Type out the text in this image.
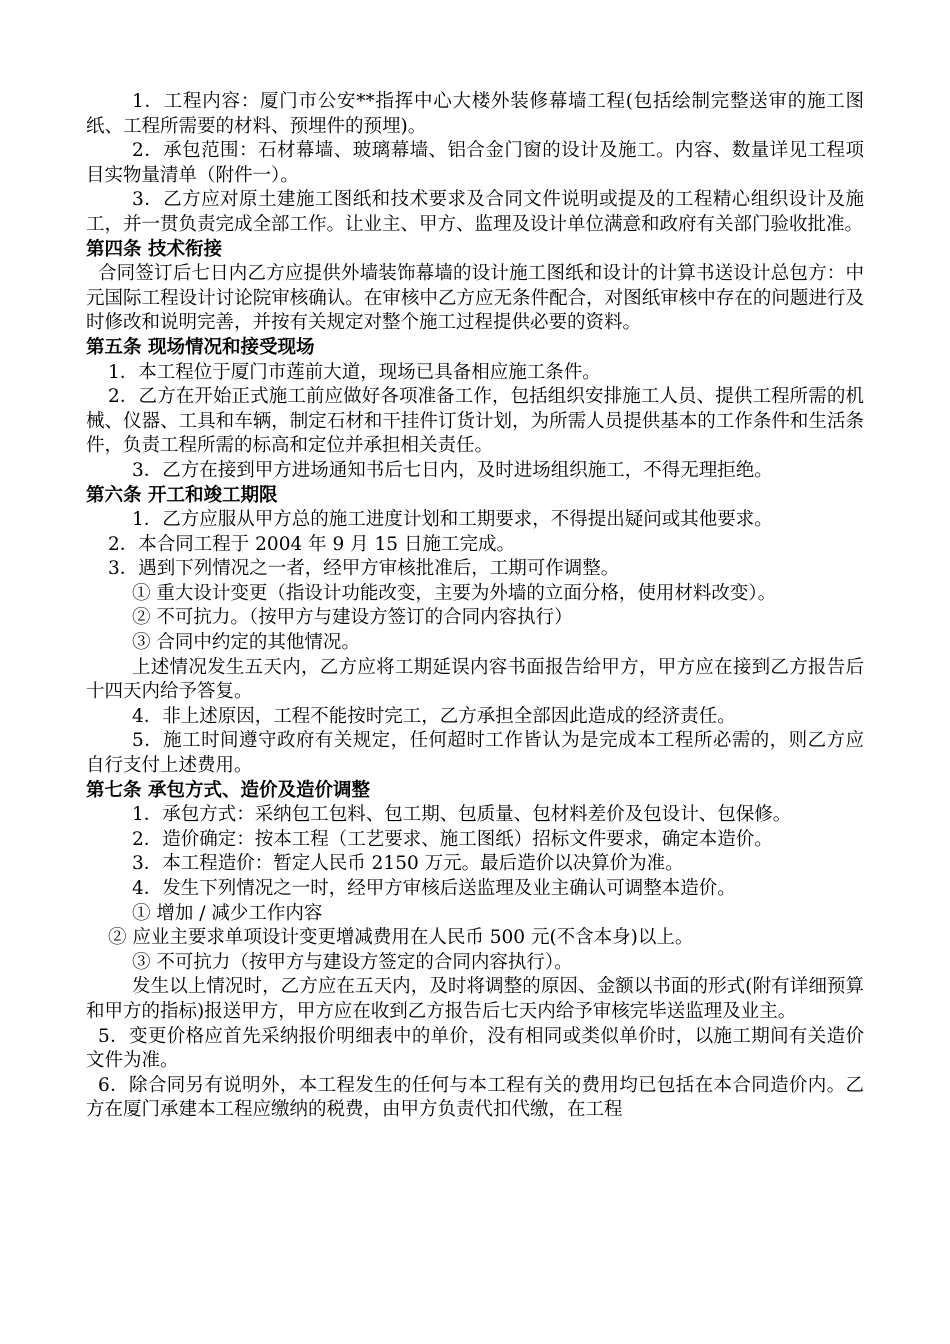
1．工程内容：厦门市公安**指挥中心大楼外装修幕墙工程(包括绘制完整送审的施工图纸、工程所需要的材料、预埋件的预埋)。

2．承包范围：石材幕墙、玻璃幕墙、铝合金门窗的设计及施工。内容、数量详见工程项目实物量清单（附件一）。

3．乙方应对原土建施工图纸和技术要求及合同文件说明或提及的工程精心组织设计及施工，并一贯负责完成全部工作。让业主、甲方、监理及设计单位满意和政府有关部门验收批准。

第四条 技术衔接

合同签订后七日内乙方应提供外墙装饰幕墙的设计施工图纸和设计的计算书送设计总包方：中元国际工程设计讨论院审核确认。在审核中乙方应无条件配合，对图纸审核中存在的问题进行及时修改和说明完善，并按有关规定对整个施工过程提供必要的资料。

第五条 现场情况和接受现场

1．本工程位于厦门市莲前大道，现场已具备相应施工条件。

2．乙方在开始正式施工前应做好各项准备工作，包括组织安排施工人员、提供工程所需的机械、仪器、工具和车辆，制定石材和干挂件订货计划，为所需人员提供基本的工作条件和生活条件，负责工程所需的标高和定位并承担相关责任。

3．乙方在接到甲方进场通知书后七日内，及时进场组织施工，不得无理拒绝。

第六条 开工和竣工期限

1．乙方应服从甲方总的施工进度计划和工期要求，不得提出疑问或其他要求。

2．本合同工程于 2004 年 9 月 15 日施工完成。

3．遇到下列情况之一者，经甲方审核批准后，工期可作调整。

① 重大设计变更（指设计功能改变，主要为外墙的立面分格，使用材料改变）。

② 不可抗力。（按甲方与建设方签订的合同内容执行）

③ 合同中约定的其他情况。

上述情况发生五天内，乙方应将工期延误内容书面报告给甲方，甲方应在接到乙方报告后十四天内给予答复。

4．非上述原因，工程不能按时完工，乙方承担全部因此造成的经济责任。

5．施工时间遵守政府有关规定，任何超时工作皆认为是完成本工程所必需的，则乙方应自行支付上述费用。

第七条 承包方式、造价及造价调整

1．承包方式：采纳包工包料、包工期、包质量、包材料差价及包设计、包保修。

2．造价确定：按本工程（工艺要求、施工图纸）招标文件要求，确定本造价。

3．本工程造价：暂定人民币 2150 万元。最后造价以决算价为准。

4．发生下列情况之一时，经甲方审核后送监理及业主确认可调整本造价。

① 增加 / 减少工作内容

② 应业主要求单项设计变更增减费用在人民币 500 元(不含本身)以上。

③ 不可抗力（按甲方与建设方签定的合同内容执行）。

发生以上情况时，乙方应在五天内，及时将调整的原因、金额以书面的形式(附有详细预算和甲方的指标)报送甲方，甲方应在收到乙方报告后七天内给予审核完毕送监理及业主。

5．变更价格应首先采纳报价明细表中的单价，没有相同或类似单价时，以施工期间有关造价文件为准。

6．除合同另有说明外，本工程发生的任何与本工程有关的费用均已包括在本合同造价内。乙方在厦门承建本工程应缴纳的税费，由甲方负责代扣代缴，在工程
